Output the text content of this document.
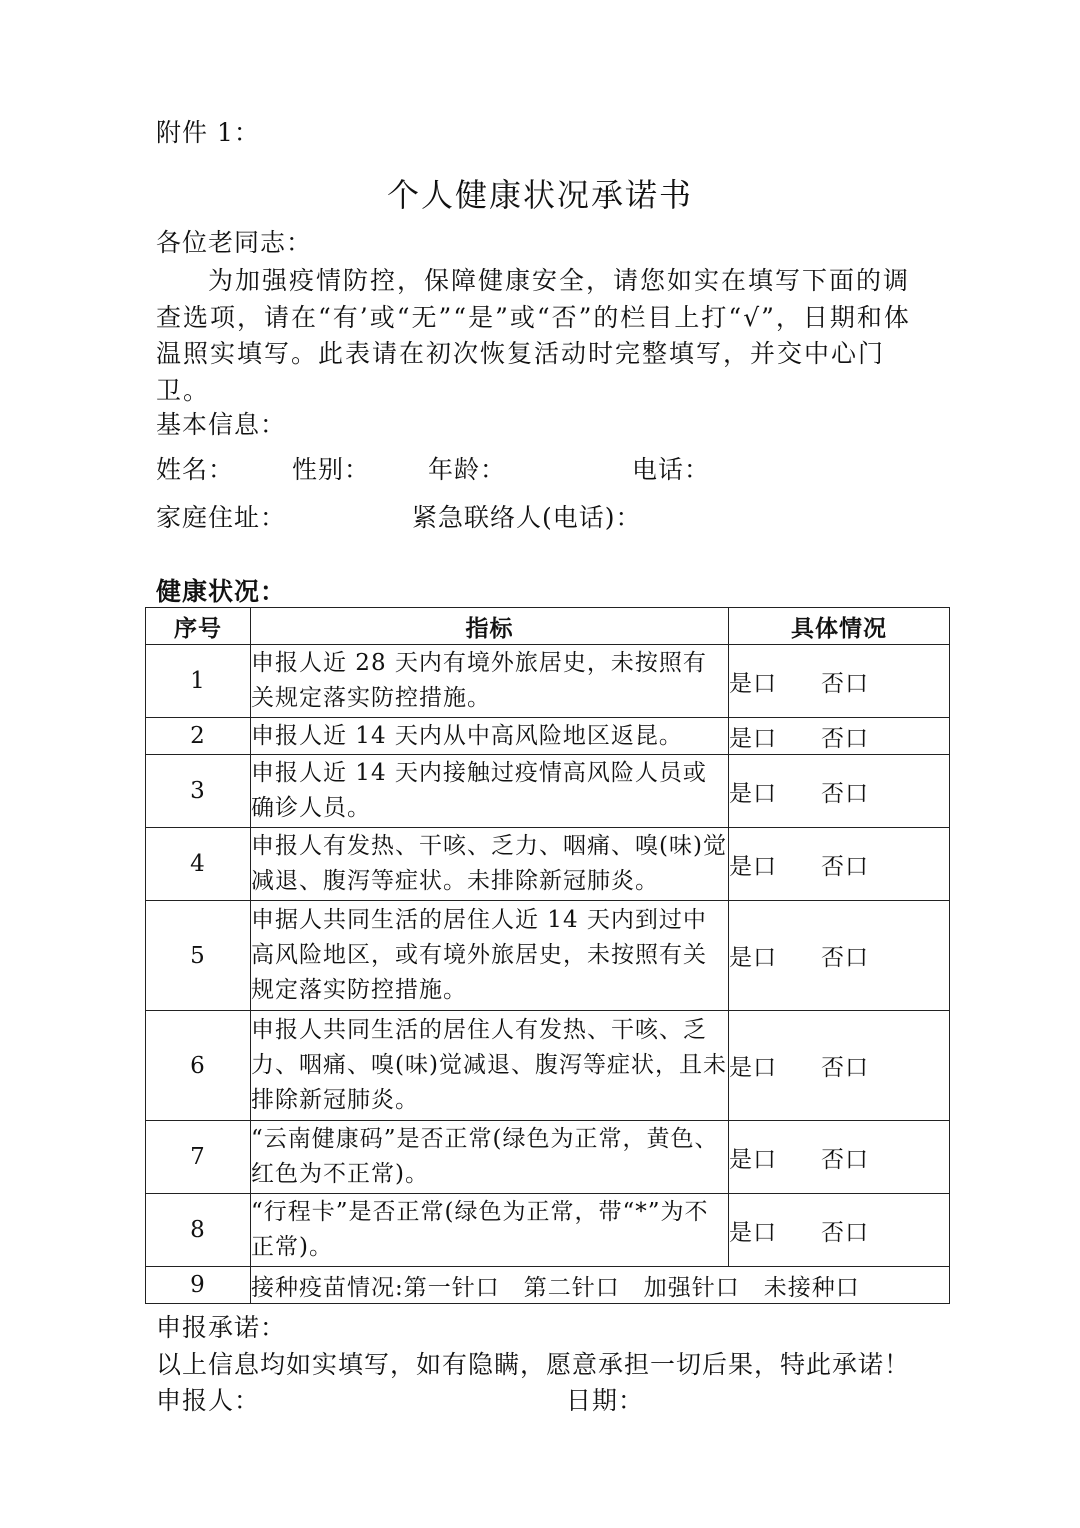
附件 1：
个人健康状况承诺书
各位老同志：
为加强疫情防控，保障健康安全，请您如实在填写下面的调查选项，请在“有’或“无”“是”或“否”的栏目上打“√”，日期和体温照实填写。此表请在初次恢复活动时完整填写，并交中心门卫。
基本信息：
姓名： 性别： 年龄：	电话：
家庭住址：	紧急联络人(电话)：
健康状况：
序号	指标	具体情况
1	申报人近 28 天内有境外旅居史，未按照有关规定落实防控措施。	是口 否口
2	申报人近 14 天内从中高风险地区返昆。	是口 否口
3	申报人近 14 天内接触过疫情高风险人员或确诊人员。	是口 否口
4	申报人有发热、干咳、乏力、咽痛、嗅(味)觉减退、腹泻等症状。未排除新冠肺炎。	是口 否口
5	申据人共同生活的居住人近 14 天内到过中高风险地区，或有境外旅居史，未按照有关规定落实防控措施。	是口 否口
6	申报人共同生活的居住人有发热、干咳、乏力、咽痛、嗅(味)觉减退、腹泻等症状，且未排除新冠肺炎。	是口 否口
7	“云南健康码”是否正常(绿色为正常，黄色、红色为不正常)。	是口 否口
8	“行程卡”是否正常(绿色为正常，带“*”为不正常)。	是口 否口
9	接种疫苗情况:第一针口 第二针口 加强针口 未接种口	
申报承诺：
以上信息均如实填写，如有隐瞒，愿意承担一切后果，特此承诺！
申报人：	日期：
